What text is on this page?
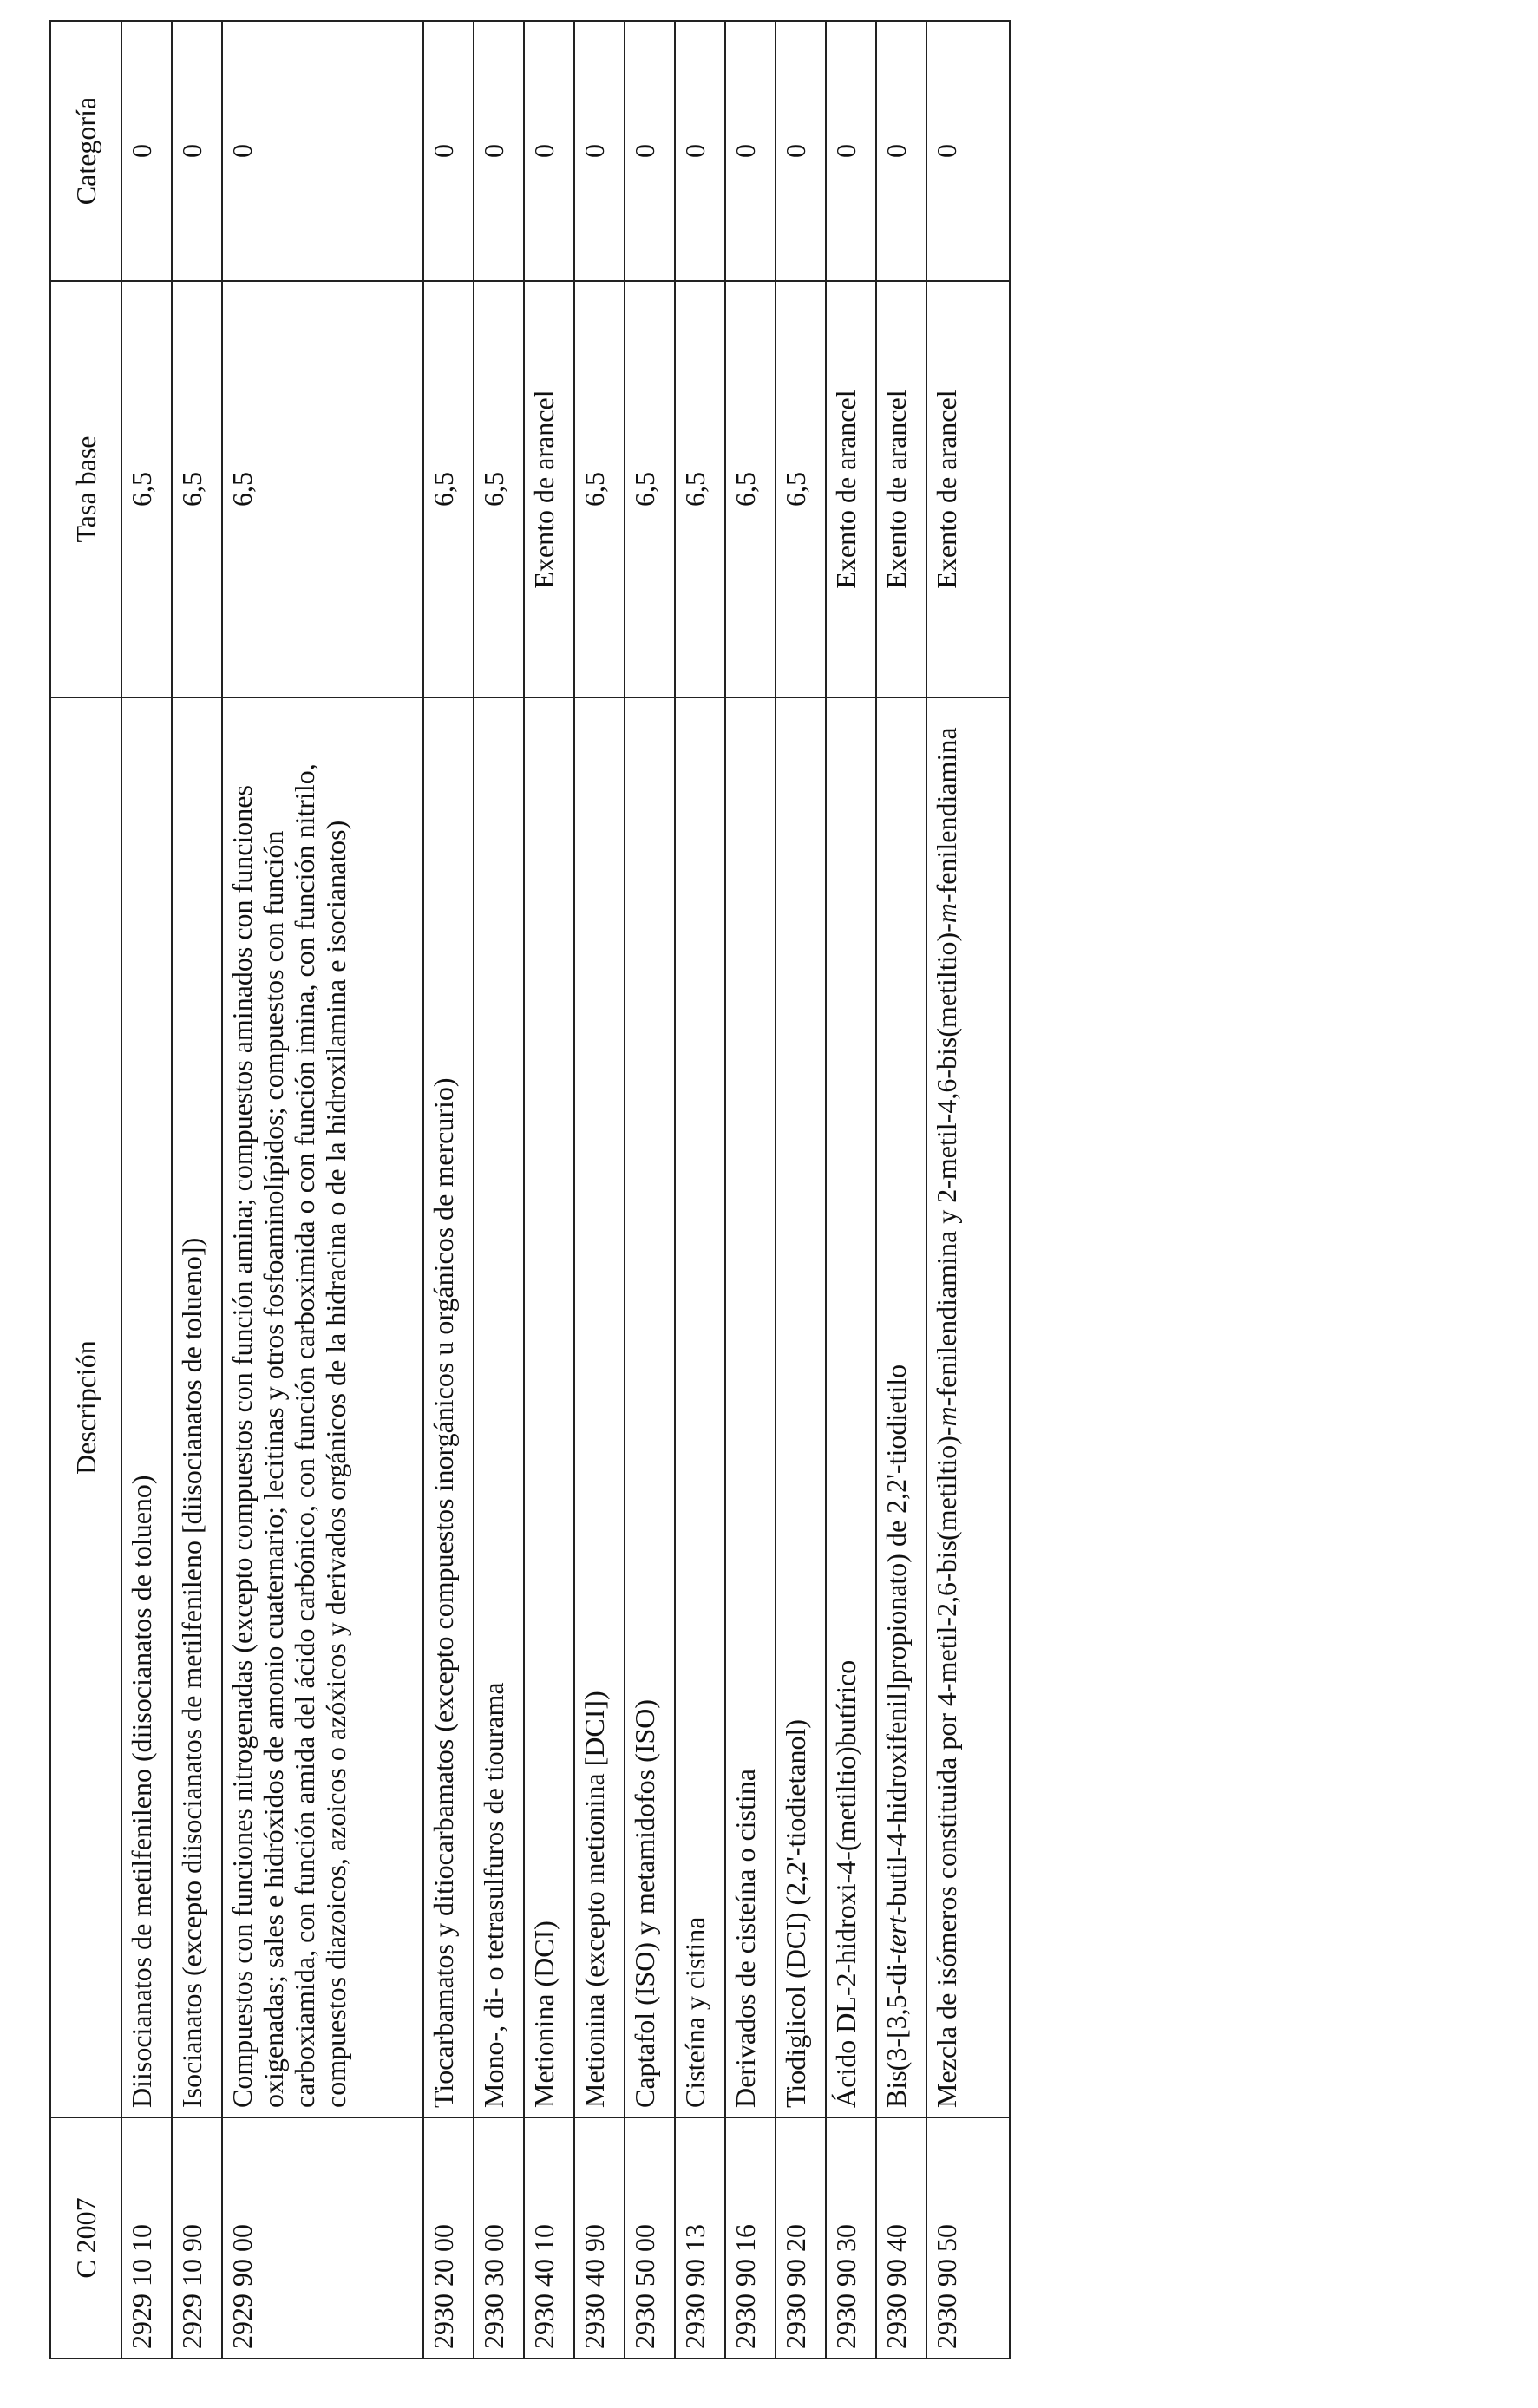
C 2007	Descripción	Tasa base	Categoría
2929 10 10	Diisocianatos de metilfenileno (diisocianatos de tolueno)	6,5	0
2929 10 90	Isocianatos (excepto diisocianatos de metilfenileno [diisocianatos de tolueno])	6,5	0
2929 90 00	Compuestos con funciones nitrogenadas (excepto compuestos con función amina; compuestos aminados con funciones oxigenadas; sales e hidróxidos de amonio cuaternario; lecitinas y otros fosfoaminolípidos; compuestos con función carboxiamida, con función amida del ácido carbónico, con función carboximida o con función imina, con función nitrilo, compuestos diazoicos, azoicos o azóxicos y derivados orgánicos de la hidracina o de la hidroxilamina e isocianatos)	6,5	0
2930 20 00	Tiocarbamatos y ditiocarbamatos (excepto compuestos inorgánicos u orgánicos de mercurio)	6,5	0
2930 30 00	Mono-, di- o tetrasulfuros de tiourama	6,5	0
2930 40 10	Metionina (DCI)	Exento de arancel	0
2930 40 90	Metionina (excepto metionina [DCI])	6,5	0
2930 50 00	Captafol (ISO) y metamidofos (ISO)	6,5	0
2930 90 13	Cisteína y cistina	6,5	0
2930 90 16	Derivados de cisteína o cistina	6,5	0
2930 90 20	Tiodiglicol (DCI) (2,2'-tiodietanol)	6,5	0
2930 90 30	Ácido DL-2-hidroxi-4-(metiltio)butírico	Exento de arancel	0
2930 90 40	Bis(3-[3,5-di-tert-butil-4-hidroxifenil]propionato) de 2,2'-tiodietilo	Exento de arancel	0
2930 90 50	Mezcla de isómeros constituida por 4-metil-2,6-bis(metiltio)-m-fenilendiamina y 2-metil-4,6-bis(metiltio)-m-fenilendiamina	Exento de arancel	0
